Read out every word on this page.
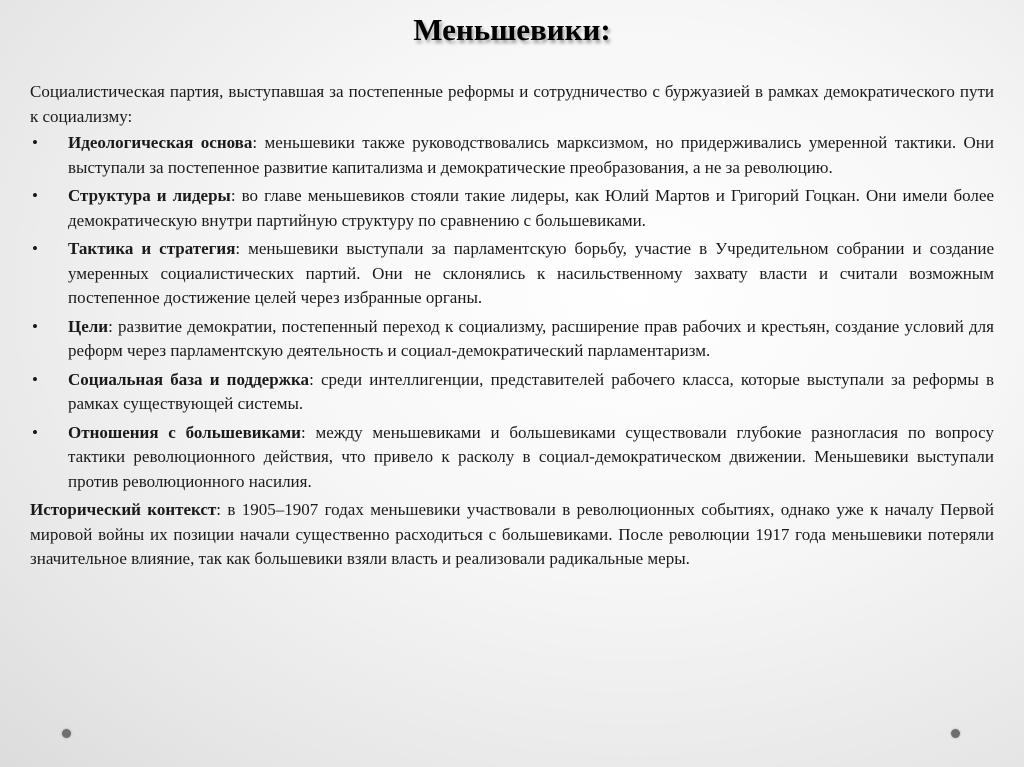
Меньшевики:

Социалистическая партия, выступавшая за постепенные реформы и сотрудничество с буржуазией в рамках демократического пути к социализму:

• Идеологическая основа: меньшевики также руководствовались марксизмом, но придерживались умеренной тактики. Они выступали за постепенное развитие капитализма и демократические преобразования, а не за революцию.
• Структура и лидеры: во главе меньшевиков стояли такие лидеры, как Юлий Мартов и Григорий Гоцкан. Они имели более демократическую внутри партийную структуру по сравнению с большевиками.
• Тактика и стратегия: меньшевики выступали за парламентскую борьбу, участие в Учредительном собрании и создание умеренных социалистических партий. Они не склонялись к насильственному захвату власти и считали возможным постепенное достижение целей через избранные органы.
• Цели: развитие демократии, постепенный переход к социализму, расширение прав рабочих и крестьян, создание условий для реформ через парламентскую деятельность и социал-демократический парламентаризм.
• Социальная база и поддержка: среди интеллигенции, представителей рабочего класса, которые выступали за реформы в рамках существующей системы.
• Отношения с большевиками: между меньшевиками и большевиками существовали глубокие разногласия по вопросу тактики революционного действия, что привело к расколу в социал-демократическом движении. Меньшевики выступали против революционного насилия.

Исторический контекст: в 1905–1907 годах меньшевики участвовали в революционных событиях, однако уже к началу Первой мировой войны их позиции начали существенно расходиться с большевиками. После революции 1917 года меньшевики потеряли значительное влияние, так как большевики взяли власть и реализовали радикальные меры.
